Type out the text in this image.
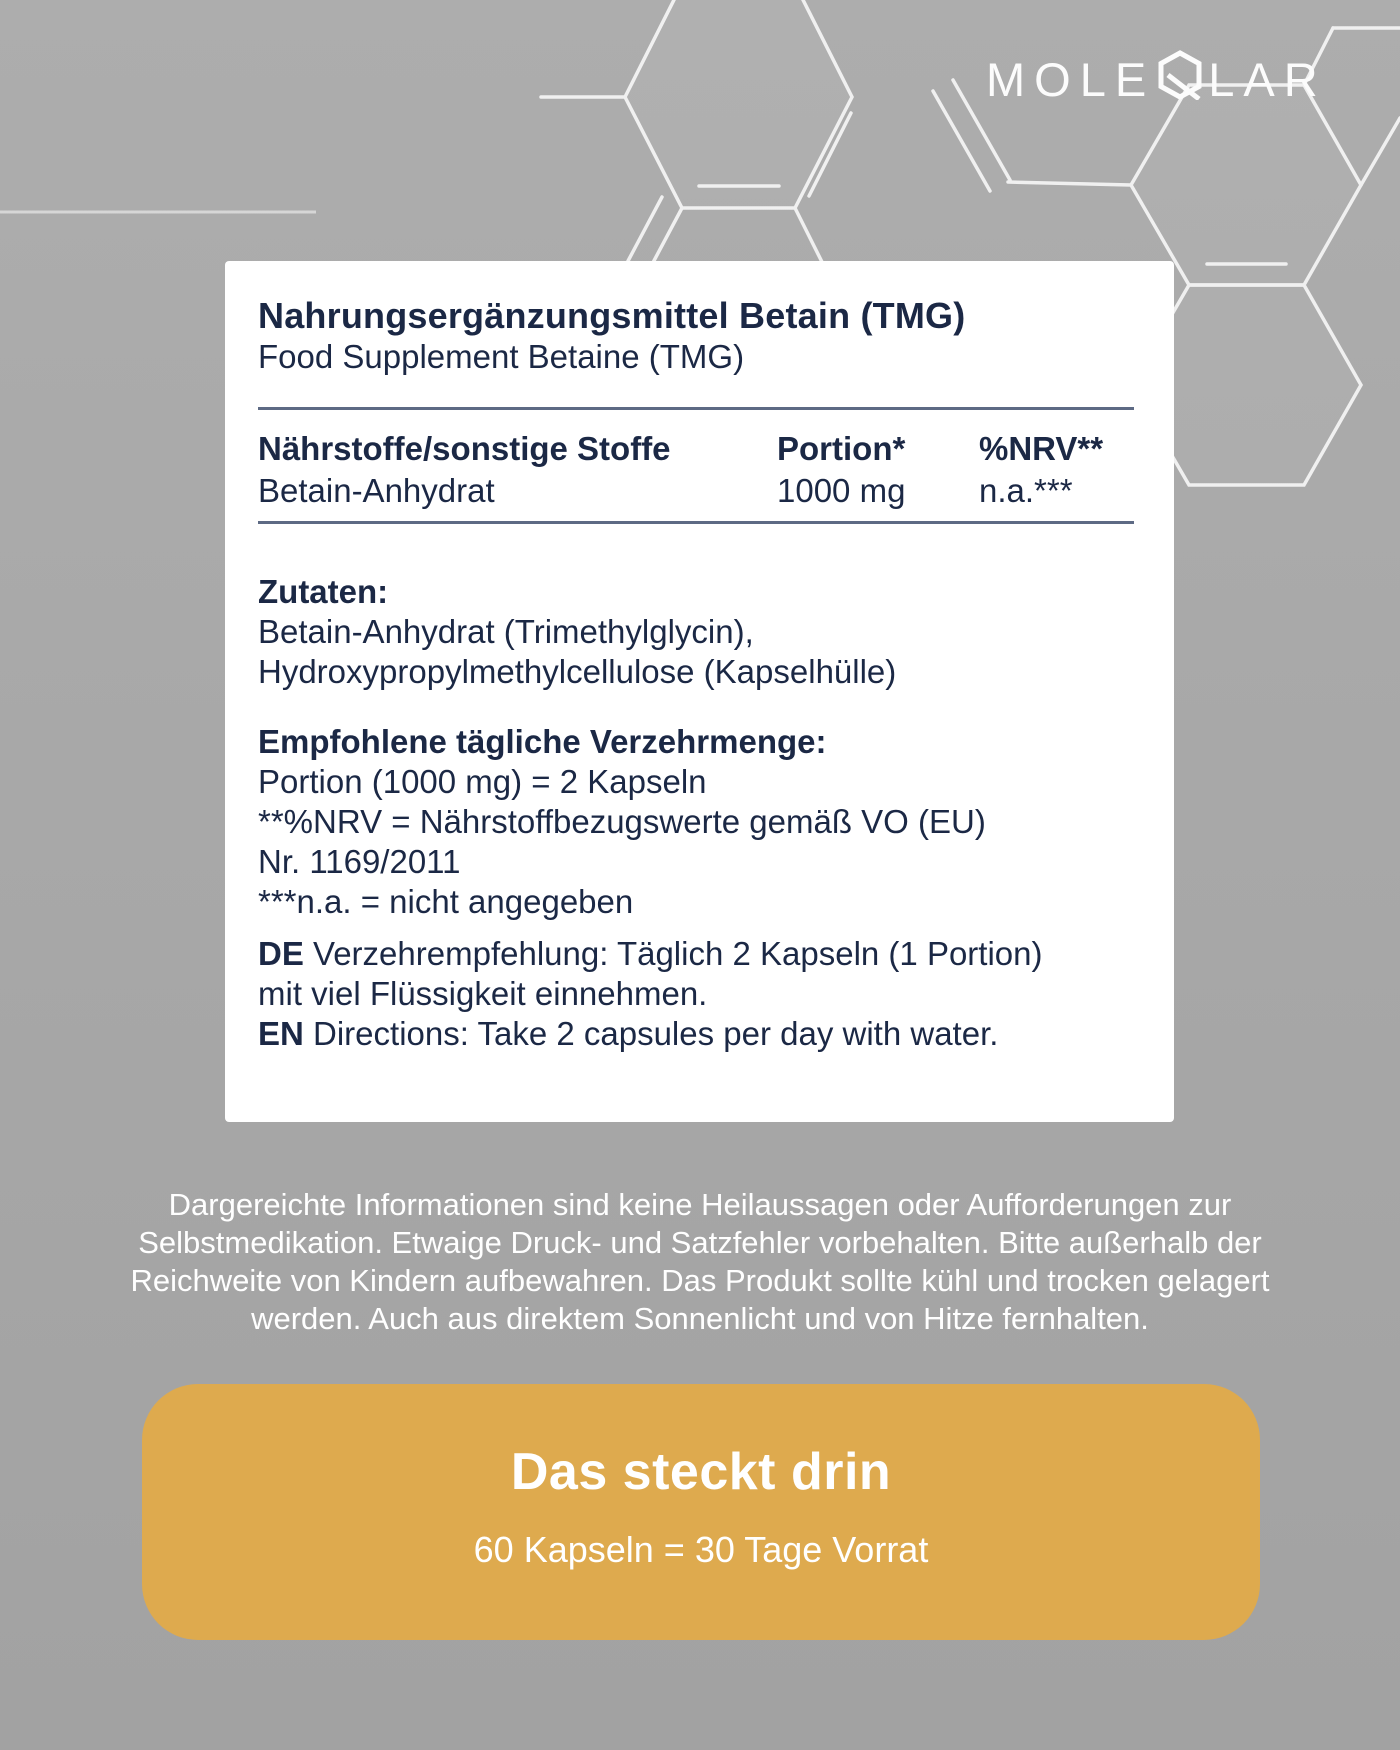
MOLE LAR
Nahrungsergänzungsmittel Betain (TMG)
Food Supplement Betaine (TMG)
Nährstoffe/sonstige Stoffe	Portion*	%NRV**
Betain-Anhydrat	1000 mg	n.a.***
Zutaten:
Betain-Anhydrat (Trimethylglycin),
Hydroxypropylmethylcellulose (Kapselhülle)
Empfohlene tägliche Verzehrmenge:
Portion (1000 mg) = 2 Kapseln
**%NRV = Nährstoffbezugswerte gemäß VO (EU)
Nr. 1169/2011
***n.a. = nicht angegeben
DE Verzehrempfehlung: Täglich 2 Kapseln (1 Portion)
mit viel Flüssigkeit einnehmen.
EN Directions: Take 2 capsules per day with water.
Dargereichte Informationen sind keine Heilaussagen oder Aufforderungen zur
Selbstmedikation. Etwaige Druck- und Satzfehler vorbehalten. Bitte außerhalb der
Reichweite von Kindern aufbewahren. Das Produkt sollte kühl und trocken gelagert
werden. Auch aus direktem Sonnenlicht und von Hitze fernhalten.
Das steckt drin
60 Kapseln = 30 Tage Vorrat
